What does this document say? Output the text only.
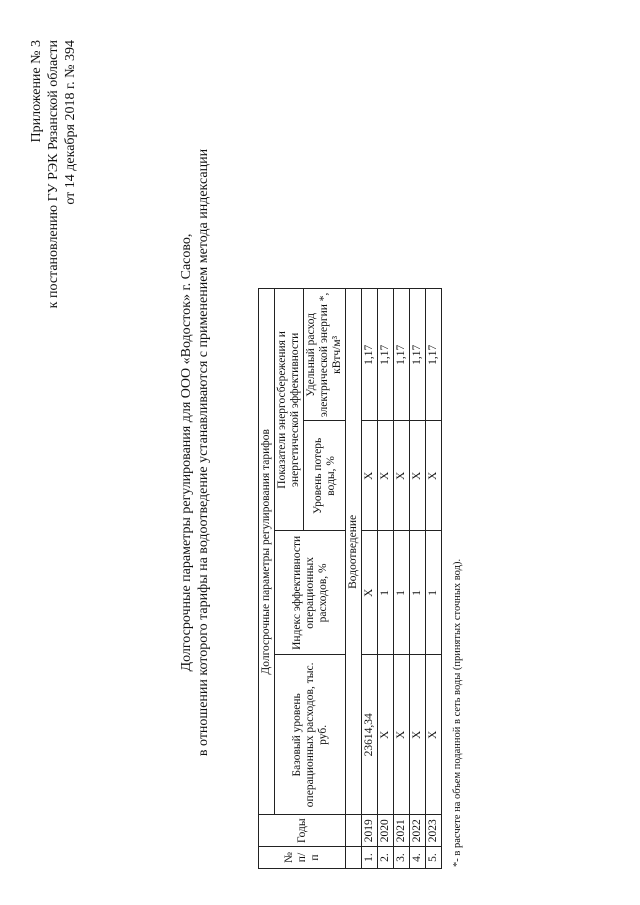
Приложение № 3 к постановлению ГУ РЭК Рязанской области от 14 декабря 2018 г. № 394
Долгосрочные параметры регулирования для ООО «Водосток» г. Сасово, в отношении которого тарифы на водоотведение устанавливаются с применением метода индексации
№ п/п	Годы	Долгосрочные параметры регулирования тарифов			
		Базовый уровень операционных расходов, тыс. руб.	Индекс эффективности операционных расходов, %	Показатели энергосбережения и энергетической эффективности	
				Уровень потерь воды, %	Удельный расход электрической энергии *, кВтч/м³
		Водоотведение			
1.	2019	23614,34	X	X	1,17
2.	2020	X	1	X	1,17
3.	2021	X	1	X	1,17
4.	2022	X	1	X	1,17
5.	2023	X	1	X	1,17
*- в расчете на объем поданной в сеть воды (принятых сточных вод).
